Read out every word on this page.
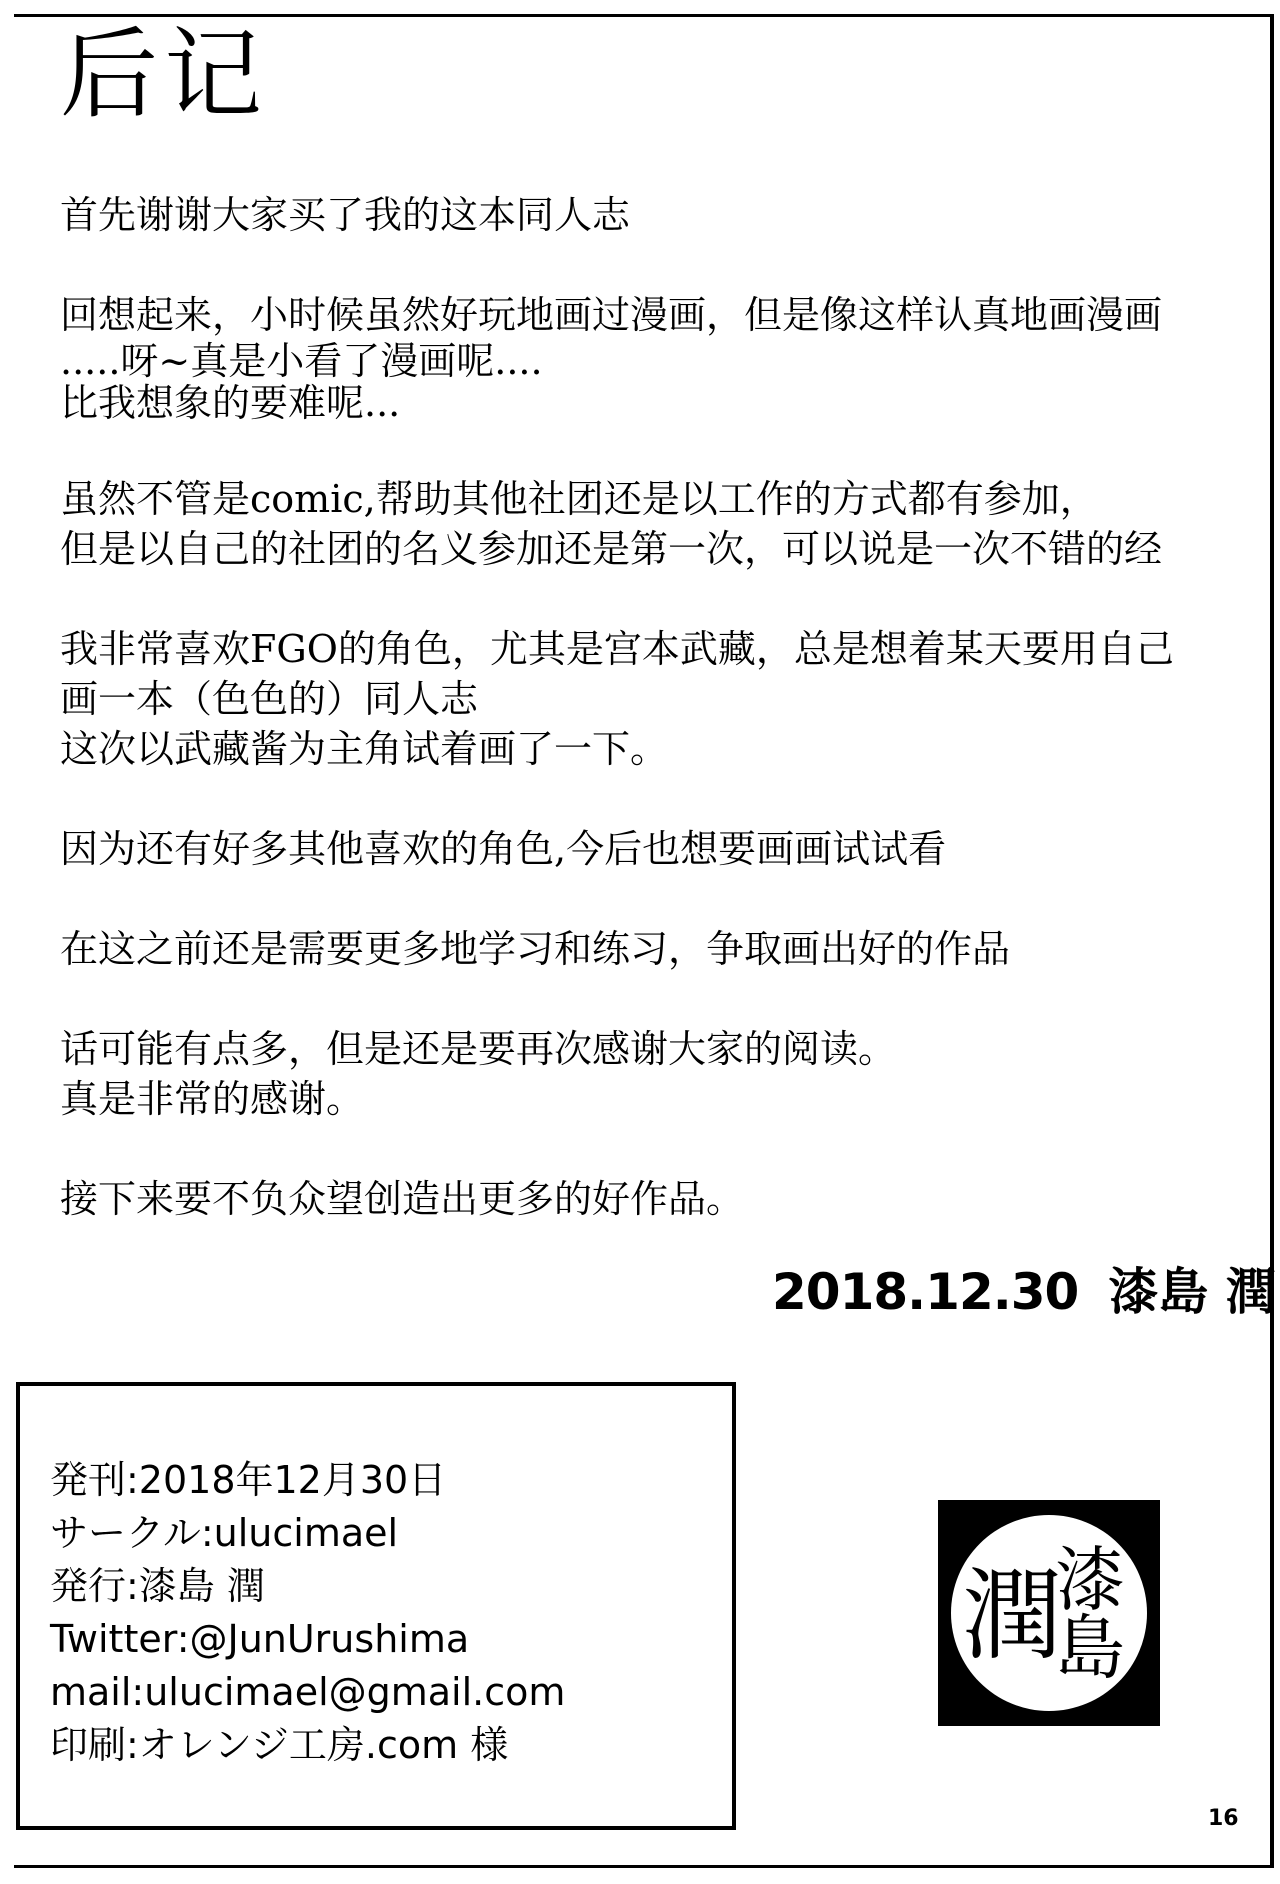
后记
首先谢谢大家买了我的这本同人志
回想起来，小时候虽然好玩地画过漫画，但是像这样认真地画漫画
.....呀~真是小看了漫画呢....
比我想象的要难呢...
虽然不管是comic,帮助其他社团还是以工作的方式都有参加，
但是以自己的社团的名义参加还是第一次，可以说是一次不错的经
我非常喜欢FGO的角色，尤其是宫本武藏，总是想着某天要用自己
画一本（色色的）同人志
这次以武藏酱为主角试着画了一下。
因为还有好多其他喜欢的角色,今后也想要画画试试看
在这之前还是需要更多地学习和练习，争取画出好的作品
话可能有点多，但是还是要再次感谢大家的阅读。
真是非常的感谢。
接下来要不负众望创造出更多的好作品。
2018.12.30 漆島 潤
発刊:2018年12月30日
サークル:ulucimael
発行:漆島 潤
Twitter:@JunUrushima
mail:ulucimael@gmail.com
印刷:オレンジ工房.com 様
漆
島
潤
16
